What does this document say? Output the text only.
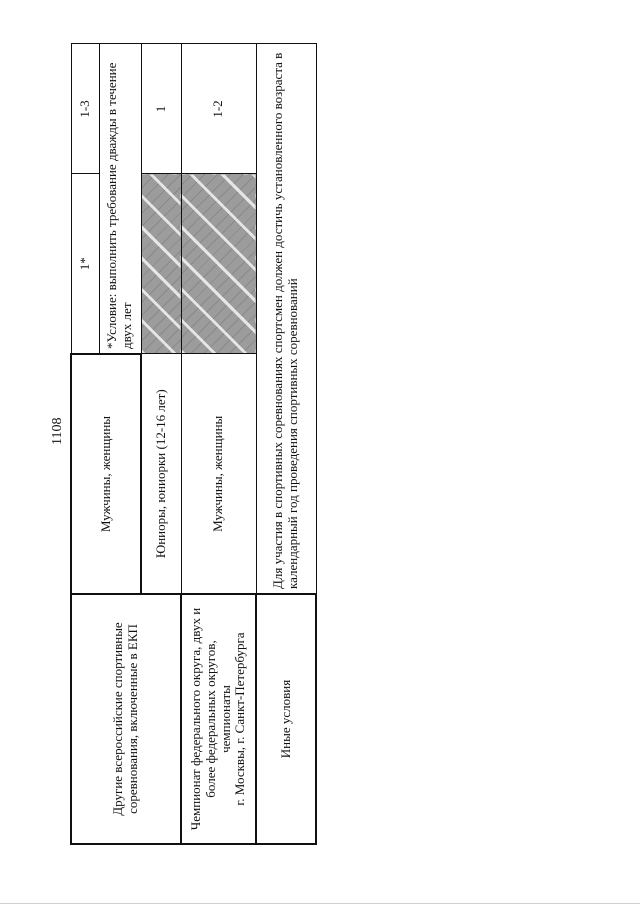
1108
Другие всероссийские спортивные соревнования, включенные в ЕКП	Мужчины, женщины	1*	1-3
		*Условие: выполнить требование дважды в течение двух лет	
	Юниоры, юниорки (12-16 лет)		1
Чемпионат федерального округа, двух и более федеральных округов,
чемпионаты
г. Москвы, г. Санкт-Петербурга	Мужчины, женщины		1-2
Иные условия	Для участия в спортивных соревнованиях спортсмен должен достичь установленного возраста в календарный год проведения спортивных соревнований		
